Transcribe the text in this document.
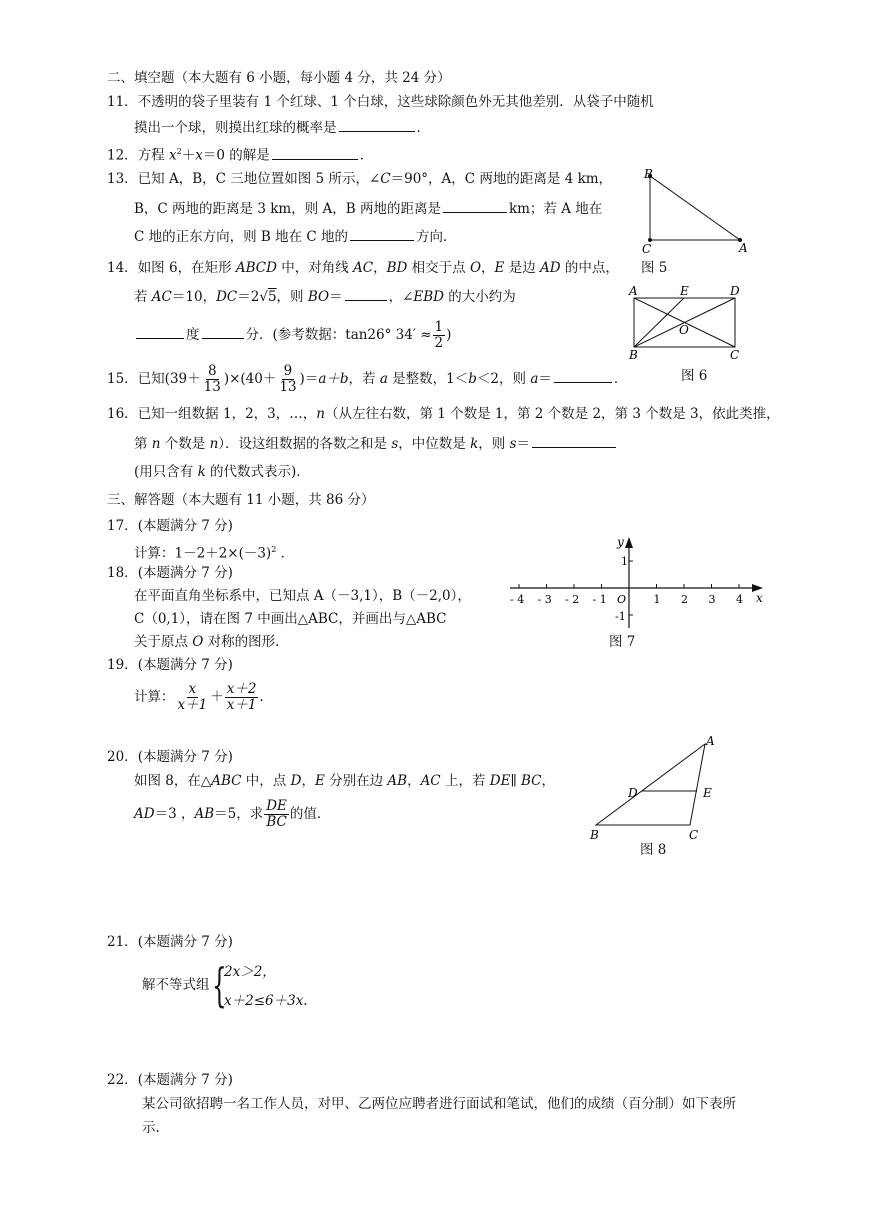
二、填空题（本大题有 6 小题，每小题 4 分，共 24 分）
11．不透明的袋子里装有 1 个红球、1 个白球，这些球除颜色外无其他差别．从袋子中随机
摸出一个球，则摸出红球的概率是	．
12．方程 $x^2+x=0$ 的解是	．
13．已知 A，B，C 三地位置如图 5 所示，∠C＝90°，A，C 两地的距离是 4 km，
B，C 两地的距离是 3 km，则 A，B 两地的距离是	km；若 A 地在
C 地的正东方向，则 B 地在 C 地的	方向．
B
C	A
图 5
14．如图 6，在矩形 ABCD 中，对角线 AC，BD 相交于点 O，E 是边 AD 的中点，
若 AC＝10，DC＝2√5，则 BO＝	，∠EBD 的大小约为
度	分．(参考数据：tan26° $34' \approx \frac{1}{2}$ )
A	E	D
O
B	C
15．已知$(39+ \frac{8}{13} )\times(40+ \frac{9}{13} )=a+b$，若 a 是整数，1＜b＜2，则 a＝	．	图 6
16．已知一组数据 1，2，3，…，n（从左往右数，第 1 个数是 1，第 2 个数是 2，第 3 个数是 3，依此类推，
第 n 个数是 n）．设这组数据的各数之和是 s，中位数是 k，则 s＝
(用只含有 k 的代数式表示)．
三、解答题（本大题有 11 小题，共 86 分）
17．(本题满分 7 分)
计算：$1-2+2\times(-3)^2$ ．
18．(本题满分 7 分)
在平面直角坐标系中，已知点 A（－3,1），B（－2,0），
C（0,1），请在图 7 中画出△ABC，并画出与△ABC
关于原点 O 对称的图形．
- 4 - 3 - 2 - 1 O 1 2 3 4 x
y
1
-1
图 7
19．(本题满分 7 分)
计算： $\frac{x}{x+1} + \frac{x+2}{x+1}$ .
20．(本题满分 7 分)
如图 8，在△ABC 中，点 D，E 分别在边 AB，AC 上，若 DE∥ BC，
AD＝3 ，AB＝5，求 $\frac{DE}{BC}$ 的值．
A
D	E
B	C
图 8
21．(本题满分 7 分)
解不等式组 {
2x＞2，
x＋2≤6＋3x.
22．(本题满分 7 分)
某公司欲招聘一名工作人员，对甲、乙两位应聘者进行面试和笔试，他们的成绩（百分制）如下表所
示.
